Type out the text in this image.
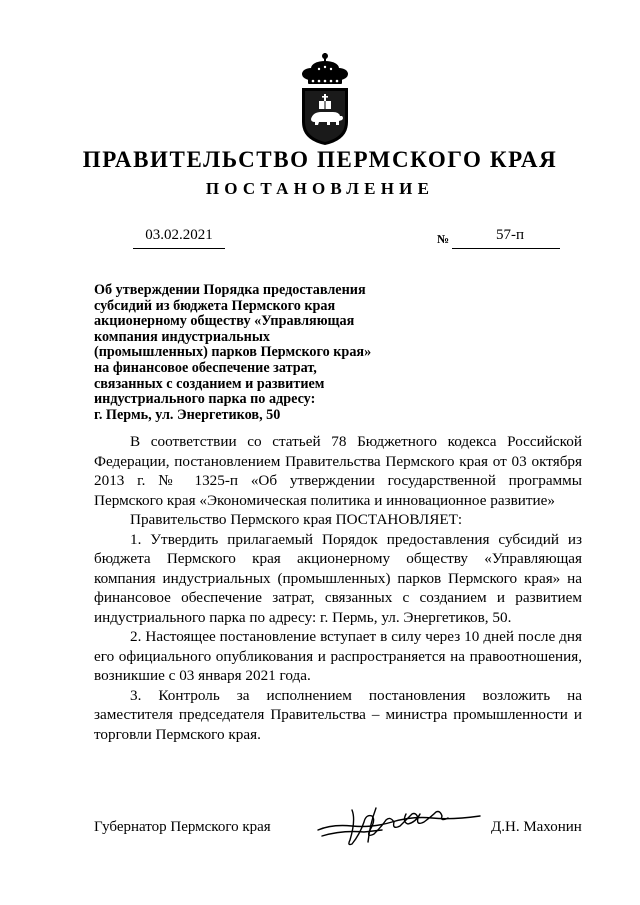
ПРАВИТЕЛЬСТВО ПЕРМСКОГО КРАЯ
ПОСТАНОВЛЕНИЕ
03.02.2021	№	57-п
Об утверждении Порядка предоставления
субсидий из бюджета Пермского края
акционерному обществу «Управляющая
компания индустриальных
(промышленных) парков Пермского края»
на финансовое обеспечение затрат,
связанных с созданием и развитием
индустриального парка по адресу:
г. Пермь, ул. Энергетиков, 50

В соответствии со статьей 78 Бюджетного кодекса Российской Федерации, постановлением Правительства Пермского края от 03 октября 2013 г. № 1325-п «Об утверждении государственной программы Пермского края «Экономическая политика и инновационное развитие»

Правительство Пермского края ПОСТАНОВЛЯЕТ:

1. Утвердить прилагаемый Порядок предоставления субсидий из бюджета Пермского края акционерному обществу «Управляющая компания индустриальных (промышленных) парков Пермского края» на финансовое обеспечение затрат, связанных с созданием и развитием индустриального парка по адресу: г. Пермь, ул. Энергетиков, 50.

2. Настоящее постановление вступает в силу через 10 дней после дня его официального опубликования и распространяется на правоотношения, возникшие с 03 января 2021 года.

3. Контроль за исполнением постановления возложить на заместителя председателя Правительства – министра промышленности и торговли Пермского края.

Губернатор Пермского края	Д.Н. Махонин
